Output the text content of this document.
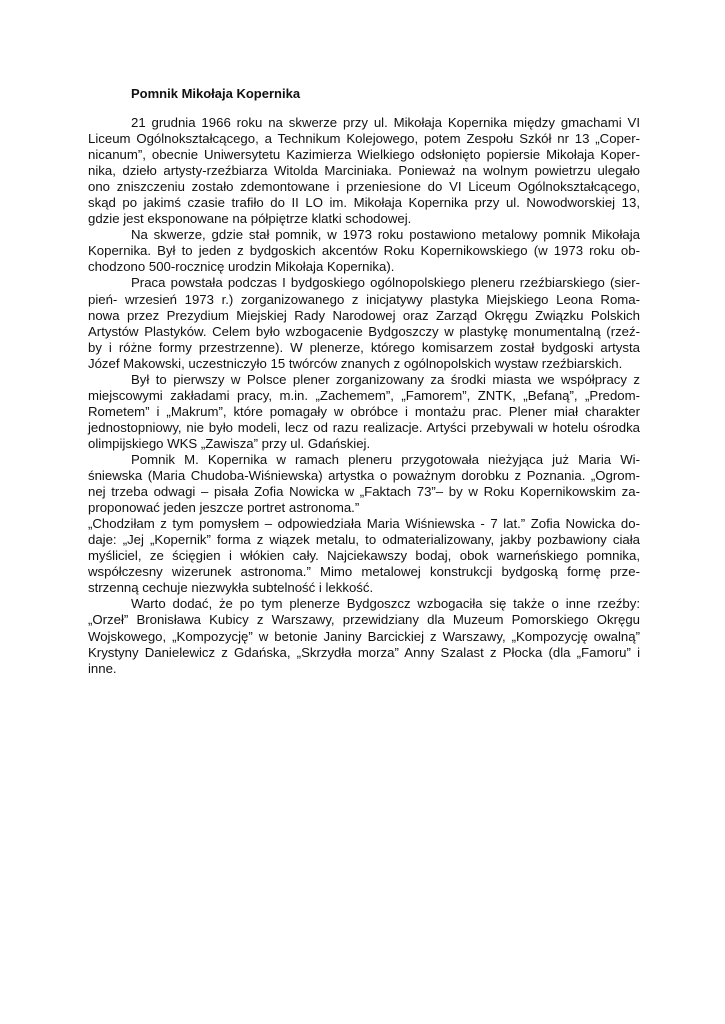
Pomnik Mikołaja Kopernika
21 grudnia 1966 roku na skwerze przy ul. Mikołaja Kopernika między gmachami VI
Liceum Ogólnokształcącego, a Technikum Kolejowego, potem Zespołu Szkół nr 13 „Coper-
nicanum”, obecnie Uniwersytetu Kazimierza Wielkiego odsłonięto popiersie Mikołaja Koper-
nika, dzieło artysty-rzeźbiarza Witolda Marciniaka. Ponieważ na wolnym powietrzu ulegało
ono zniszczeniu zostało zdemontowane i przeniesione do VI Liceum Ogólnokształcącego,
skąd po jakimś czasie trafiło do II LO im. Mikołaja Kopernika przy ul. Nowodworskiej 13,
gdzie jest eksponowane na półpiętrze klatki schodowej.
Na skwerze, gdzie stał pomnik, w 1973 roku postawiono metalowy pomnik Mikołaja
Kopernika. Był to jeden z bydgoskich akcentów Roku Kopernikowskiego (w 1973 roku ob-
chodzono 500-rocznicę urodzin Mikołaja Kopernika).
Praca powstała podczas I bydgoskiego ogólnopolskiego pleneru rzeźbiarskiego (sier-
pień- wrzesień 1973 r.) zorganizowanego z inicjatywy plastyka Miejskiego Leona Roma-
nowa przez Prezydium Miejskiej Rady Narodowej oraz Zarząd Okręgu Związku Polskich
Artystów Plastyków. Celem było wzbogacenie Bydgoszczy w plastykę monumentalną (rzeź-
by i różne formy przestrzenne). W plenerze, którego komisarzem został bydgoski artysta
Józef Makowski, uczestniczyło 15 twórców znanych z ogólnopolskich wystaw rzeźbiarskich.
Był to pierwszy w Polsce plener zorganizowany za środki miasta we współpracy z
miejscowymi zakładami pracy, m.in. „Zachemem”, „Famorem”, ZNTK, „Befaną”, „Predom-
Rometem” i „Makrum”, które pomagały w obróbce i montażu prac. Plener miał charakter
jednostopniowy, nie było modeli, lecz od razu realizacje. Artyści przebywali w hotelu ośrodka
olimpijskiego WKS „Zawisza” przy ul. Gdańskiej.
Pomnik M. Kopernika w ramach pleneru przygotowała nieżyjąca już Maria Wi-
śniewska (Maria Chudoba-Wiśniewska) artystka o poważnym dorobku z Poznania. „Ogrom-
nej trzeba odwagi – pisała Zofia Nowicka w „Faktach 73”– by w Roku Kopernikowskim za-
proponować jeden jeszcze portret astronoma.”
„Chodziłam z tym pomysłem – odpowiedziała Maria Wiśniewska - 7 lat.” Zofia Nowicka do-
daje: „Jej „Kopernik” forma z wiązek metalu, to odmaterializowany, jakby pozbawiony ciała
myśliciel, ze ścięgien i włókien cały. Najciekawszy bodaj, obok warneńskiego pomnika,
współczesny wizerunek astronoma.” Mimo metalowej konstrukcji bydgoską formę prze-
strzenną cechuje niezwykła subtelność i lekkość.
Warto dodać, że po tym plenerze Bydgoszcz wzbogaciła się także o inne rzeźby:
„Orzeł” Bronisława Kubicy z Warszawy, przewidziany dla Muzeum Pomorskiego Okręgu
Wojskowego, „Kompozycję” w betonie Janiny Barcickiej z Warszawy, „Kompozycję owalną”
Krystyny Danielewicz z Gdańska, „Skrzydła morza” Anny Szalast z Płocka (dla „Famoru” i
inne.
